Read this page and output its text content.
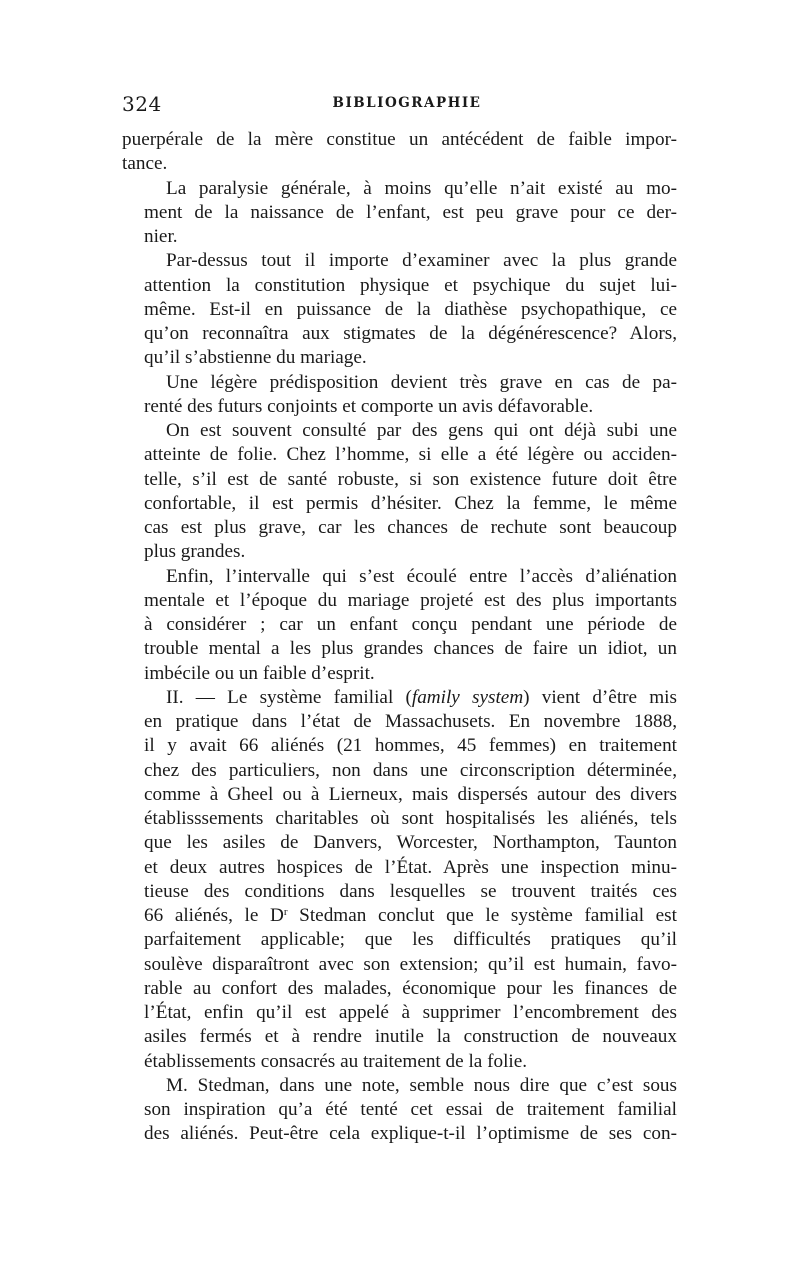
324	BIBLIOGRAPHIE

puerpérale de la mère constitue un antécédent de faible impor-
tance.

La paralysie générale, à moins qu’elle n’ait existé au mo-
ment de la naissance de l’enfant, est peu grave pour ce der-
nier.

Par-dessus tout il importe d’examiner avec la plus grande
attention la constitution physique et psychique du sujet lui-
même. Est-il en puissance de la diathèse psychopathique, ce
qu’on reconnaîtra aux stigmates de la dégénérescence? Alors,
qu’il s’abstienne du mariage.

Une légère prédisposition devient très grave en cas de pa-
renté des futurs conjoints et comporte un avis défavorable.

On est souvent consulté par des gens qui ont déjà subi une
atteinte de folie. Chez l’homme, si elle a été légère ou acciden-
telle, s’il est de santé robuste, si son existence future doit être
confortable, il est permis d’hésiter. Chez la femme, le même
cas est plus grave, car les chances de rechute sont beaucoup
plus grandes.

Enfin, l’intervalle qui s’est écoulé entre l’accès d’aliénation
mentale et l’époque du mariage projeté est des plus importants
à considérer ; car un enfant conçu pendant une période de
trouble mental a les plus grandes chances de faire un idiot, un
imbécile ou un faible d’esprit.

II. — Le système familial (family system) vient d’être mis
en pratique dans l’état de Massachusets. En novembre 1888,
il y avait 66 aliénés (21 hommes, 45 femmes) en traitement
chez des particuliers, non dans une circonscription déterminée,
comme à Gheel ou à Lierneux, mais dispersés autour des divers
établisssements charitables où sont hospitalisés les aliénés, tels
que les asiles de Danvers, Worcester, Northampton, Taunton
et deux autres hospices de l’État. Après une inspection minu-
tieuse des conditions dans lesquelles se trouvent traités ces
66 aliénés, le $D^r$ Stedman conclut que le système familial est
parfaitement applicable; que les difficultés pratiques qu’il
soulève disparaîtront avec son extension; qu’il est humain, favo-
rable au confort des malades, économique pour les finances de
l’État, enfin qu’il est appelé à supprimer l’encombrement des
asiles fermés et à rendre inutile la construction de nouveaux
établissements consacrés au traitement de la folie.

M. Stedman, dans une note, semble nous dire que c’est sous
son inspiration qu’a été tenté cet essai de traitement familial
des aliénés. Peut-être cela explique-t-il l’optimisme de ses con-
